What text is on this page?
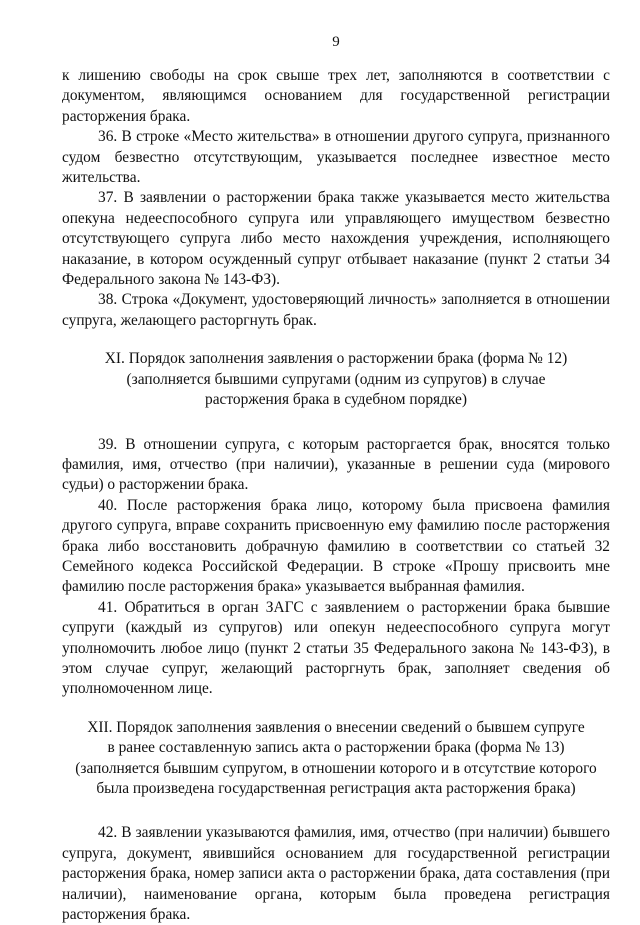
9

к лишению свободы на срок свыше трех лет, заполняются в соответствии с документом, являющимся основанием для государственной регистрации расторжения брака.

36. В строке «Место жительства» в отношении другого супруга, признанного судом безвестно отсутствующим, указывается последнее известное место жительства.

37. В заявлении о расторжении брака также указывается место жительства опекуна недееспособного супруга или управляющего имуществом безвестно отсутствующего супруга либо место нахождения учреждения, исполняющего наказание, в котором осужденный супруг отбывает наказание (пункт 2 статьи 34 Федерального закона № 143-ФЗ).

38. Строка «Документ, удостоверяющий личность» заполняется в отношении супруга, желающего расторгнуть брак.

XI. Порядок заполнения заявления о расторжении брака (форма № 12)
(заполняется бывшими супругами (одним из супругов) в случае
расторжения брака в судебном порядке)

39. В отношении супруга, с которым расторгается брак, вносятся только фамилия, имя, отчество (при наличии), указанные в решении суда (мирового судьи) о расторжении брака.

40. После расторжения брака лицо, которому была присвоена фамилия другого супруга, вправе сохранить присвоенную ему фамилию после расторжения брака либо восстановить добрачную фамилию в соответствии со статьей 32 Семейного кодекса Российской Федерации. В строке «Прошу присвоить мне фамилию после расторжения брака» указывается выбранная фамилия.

41. Обратиться в орган ЗАГС с заявлением о расторжении брака бывшие супруги (каждый из супругов) или опекун недееспособного супруга могут уполномочить любое лицо (пункт 2 статьи 35 Федерального закона № 143-ФЗ), в этом случае супруг, желающий расторгнуть брак, заполняет сведения об уполномоченном лице.

XII. Порядок заполнения заявления о внесении сведений о бывшем супруге
в ранее составленную запись акта о расторжении брака (форма № 13)
(заполняется бывшим супругом, в отношении которого и в отсутствие которого
была произведена государственная регистрация акта расторжения брака)

42. В заявлении указываются фамилия, имя, отчество (при наличии) бывшего супруга, документ, явившийся основанием для государственной регистрации расторжения брака, номер записи акта о расторжении брака, дата составления (при наличии), наименование органа, которым была проведена регистрация расторжения брака.
